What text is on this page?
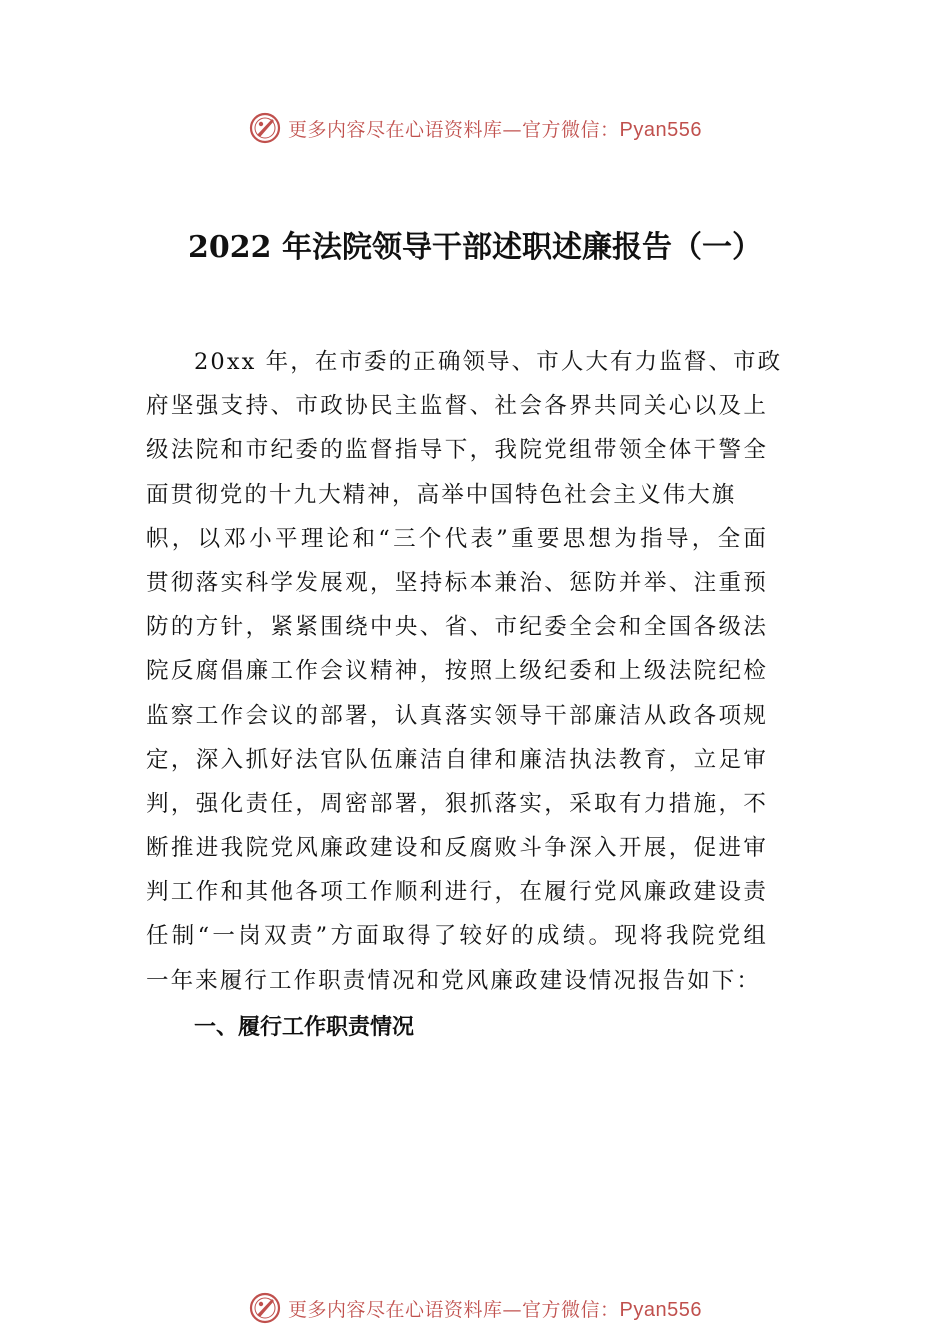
更多内容尽在心语资料库—官方微信：Pyan556
2022 年法院领导干部述职述廉报告（一）
20xx 年，在市委的正确领导、市人大有力监督、市政
府坚强支持、市政协民主监督、社会各界共同关心以及上
级法院和市纪委的监督指导下，我院党组带领全体干警全
面贯彻党的十九大精神，高举中国特色社会主义伟大旗
帜，以邓小平理论和“三个代表”重要思想为指导，全面
贯彻落实科学发展观，坚持标本兼治、惩防并举、注重预
防的方针，紧紧围绕中央、省、市纪委全会和全国各级法
院反腐倡廉工作会议精神，按照上级纪委和上级法院纪检
监察工作会议的部署，认真落实领导干部廉洁从政各项规
定，深入抓好法官队伍廉洁自律和廉洁执法教育，立足审
判，强化责任，周密部署，狠抓落实，采取有力措施，不
断推进我院党风廉政建设和反腐败斗争深入开展，促进审
判工作和其他各项工作顺利进行，在履行党风廉政建设责
任制“一岗双责”方面取得了较好的成绩。现将我院党组
一年来履行工作职责情况和党风廉政建设情况报告如下：
一、履行工作职责情况
更多内容尽在心语资料库—官方微信：Pyan556
